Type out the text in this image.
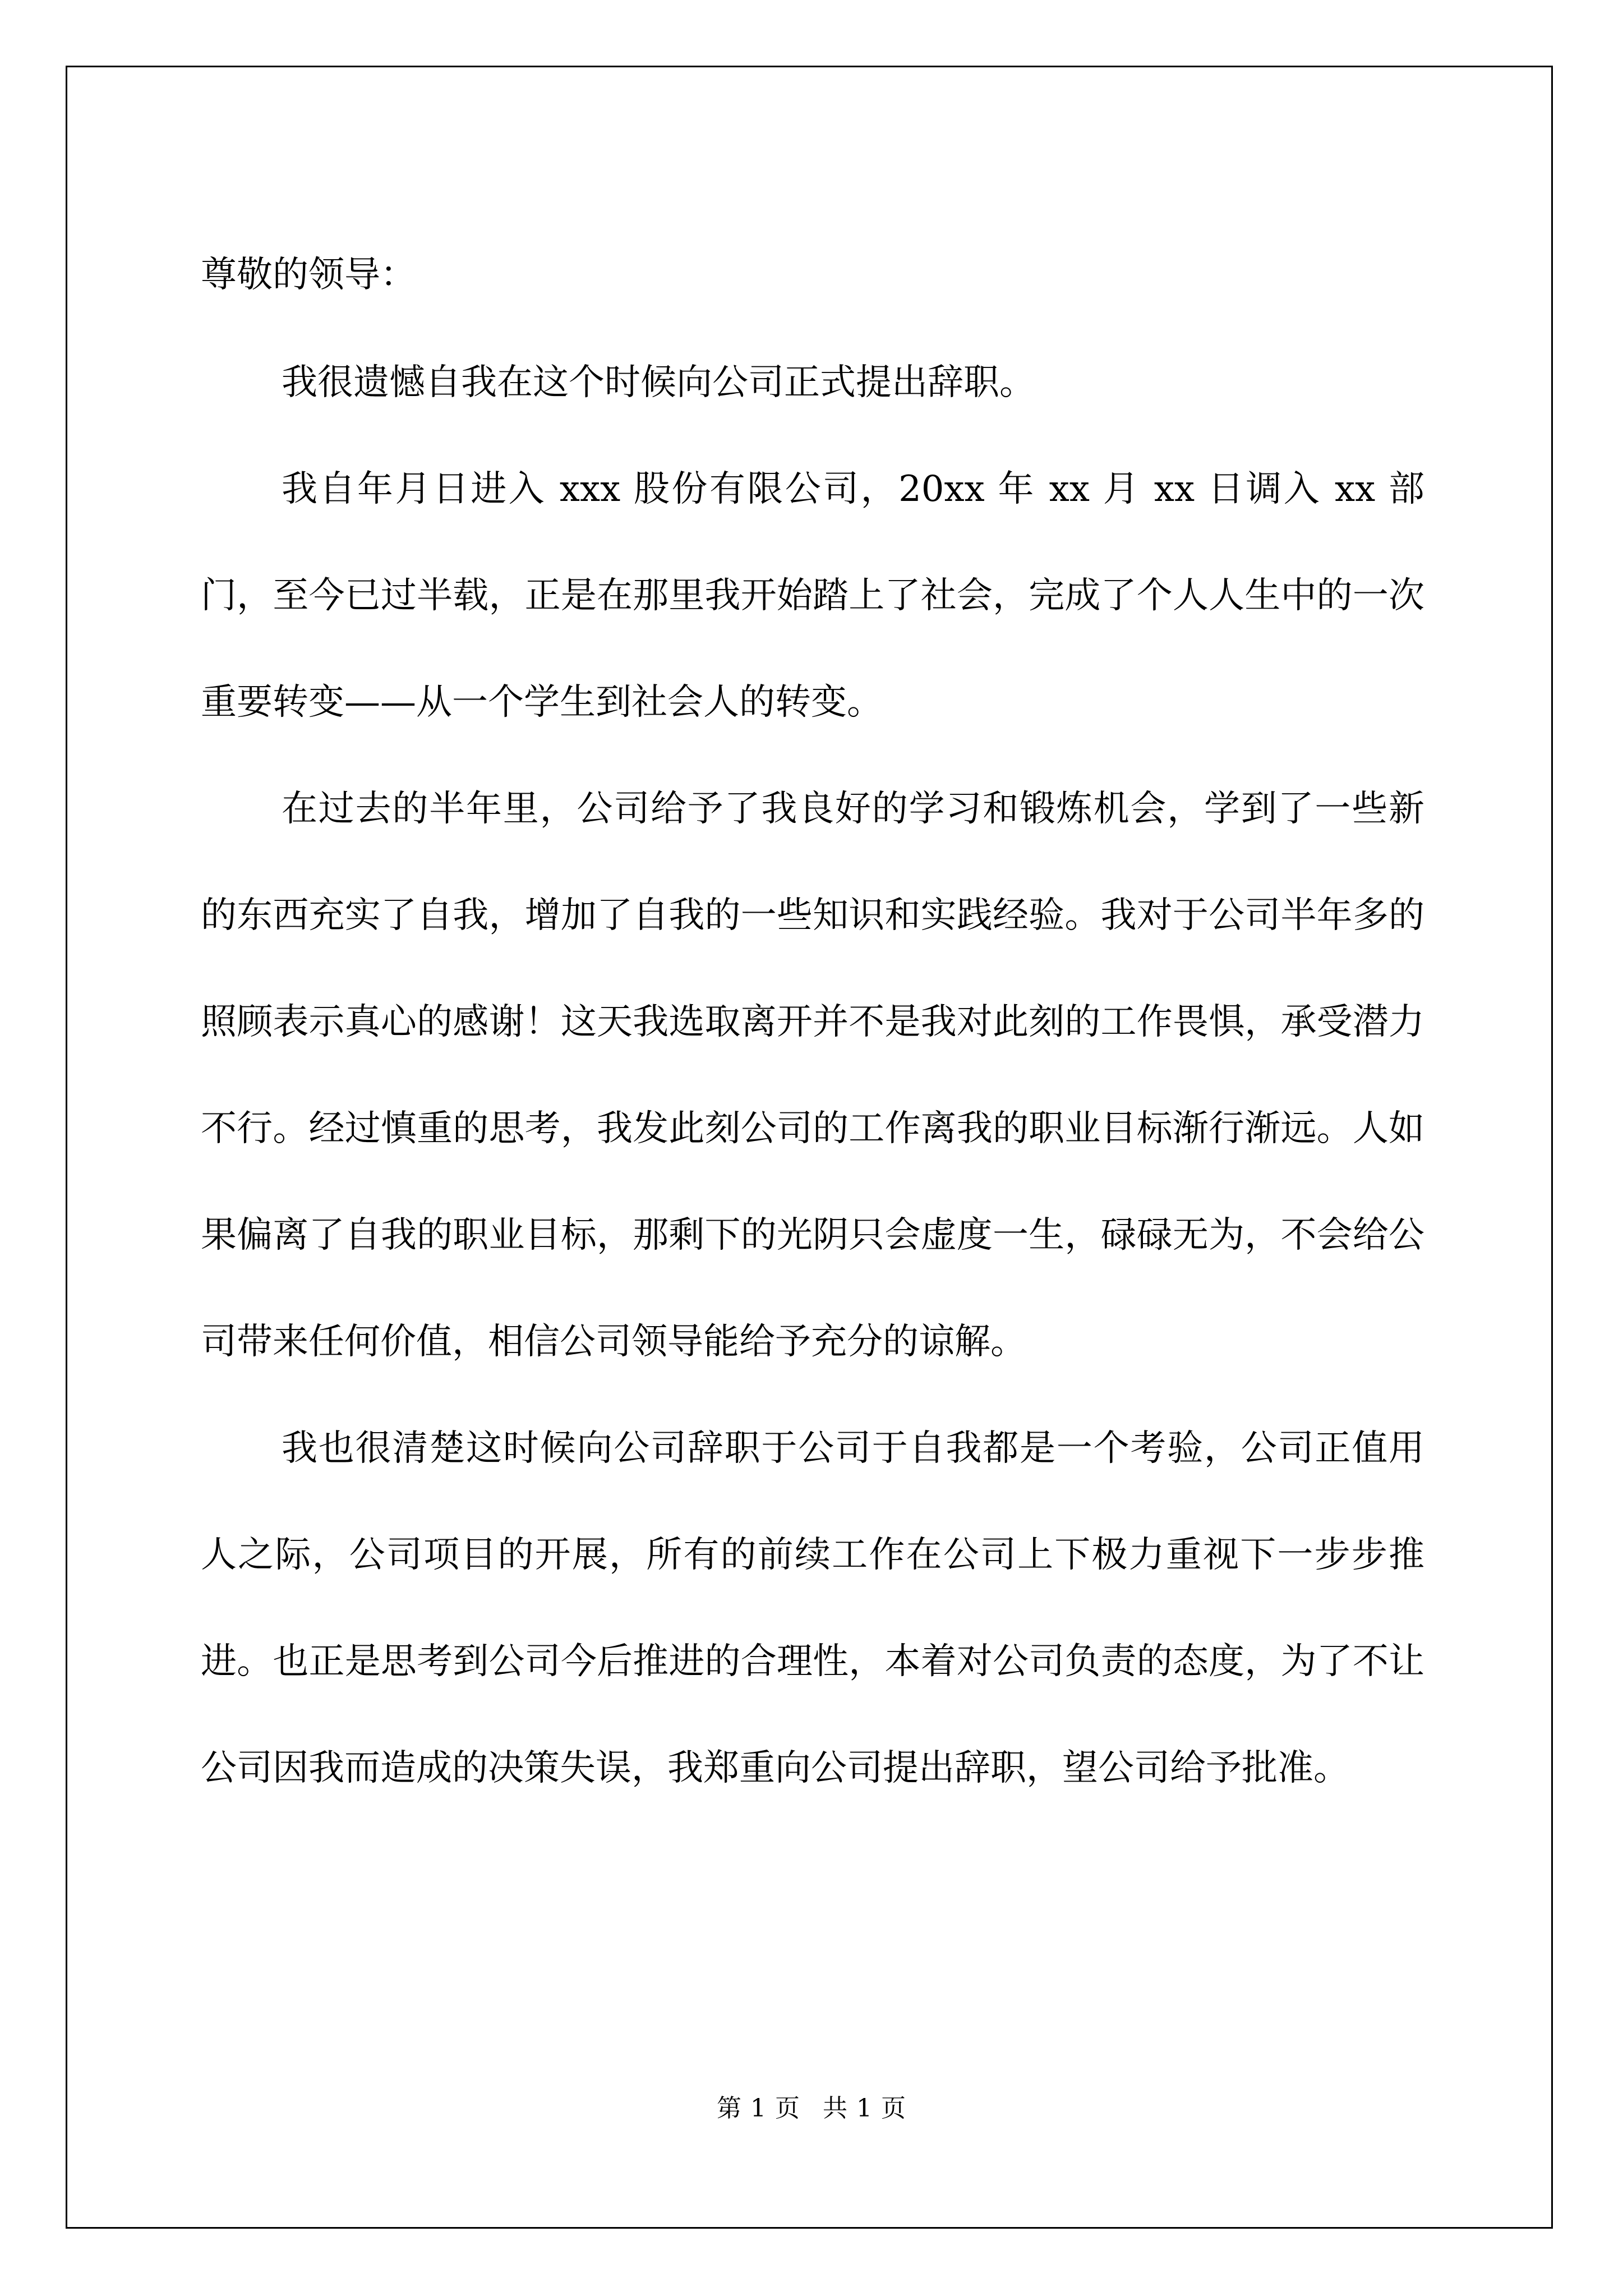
尊敬的领导：

我很遗憾自我在这个时候向公司正式提出辞职。

我自年月日进入 xxx 股份有限公司，20xx 年 xx 月 xx 日调入 xx 部门，至今已过半载，正是在那里我开始踏上了社会，完成了个人人生中的一次重要转变——从一个学生到社会人的转变。

在过去的半年里，公司给予了我良好的学习和锻炼机会，学到了一些新的东西充实了自我，增加了自我的一些知识和实践经验。我对于公司半年多的照顾表示真心的感谢！这天我选取离开并不是我对此刻的工作畏惧，承受潜力不行。经过慎重的思考，我发此刻公司的工作离我的职业目标渐行渐远。人如果偏离了自我的职业目标，那剩下的光阴只会虚度一生，碌碌无为，不会给公司带来任何价值，相信公司领导能给予充分的谅解。

我也很清楚这时候向公司辞职于公司于自我都是一个考验，公司正值用人之际，公司项目的开展，所有的前续工作在公司上下极力重视下一步步推进。也正是思考到公司今后推进的合理性，本着对公司负责的态度，为了不让公司因我而造成的决策失误，我郑重向公司提出辞职，望公司给予批准。

第 1 页 共 1 页
